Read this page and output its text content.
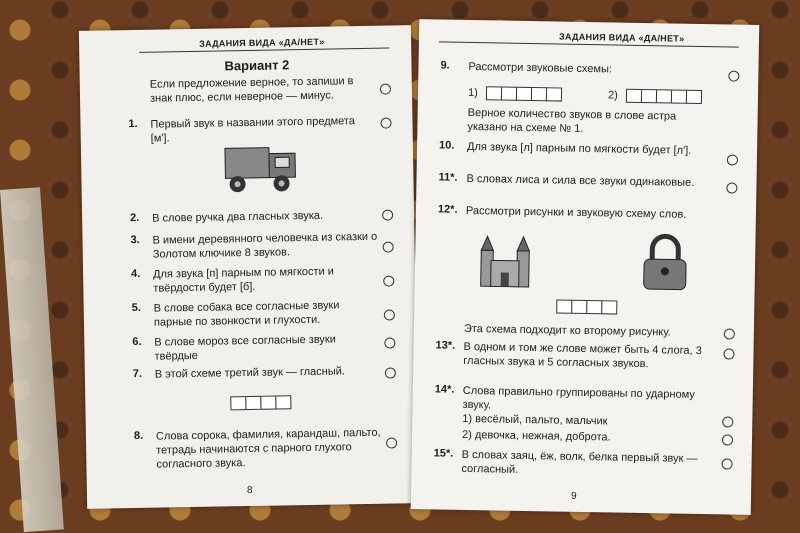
ЗАДАНИЯ ВИДА «ДА/НЕТ»
Вариант 2
Если предложение верное, то запиши в знак плюс, если неверное — минус.
1. Первый звук в названии этого предмета [м'].
2. В слове ручка два гласных звука.
3. В имени деревянного человечка из сказки о Золотом ключике 8 звуков.
4. Для звука [п] парным по мягкости и твёрдости будет [б].
5. В слове собака все согласные звуки парные по звонкости и глухости.
6. В слове мороз все согласные звуки твёрдые
7. В этой схеме третий звук — гласный.
8. Слова сорока, фамилия, карандаш, пальто, тетрадь начинаются с парного глухого согласного звука.
8
ЗАДАНИЯ ВИДА «ДА/НЕТ»
9. Рассмотри звуковые схемы:
1)	2)
Верное количество звуков в слове астра указано на схеме № 1.
10. Для звука [л] парным по мягкости будет [л'].
11*. В словах лиса и сила все звуки одинаковые.
12*. Рассмотри рисунки и звуковую схему слов.
Эта схема подходит ко второму рисунку.
13*. В одном и том же слове может быть 4 слога, 3 гласных звука и 5 согласных звуков.
14*. Слова правильно группированы по ударному звуку.
1) весёлый, пальто, мальчик
2) девочка, нежная, доброта.
15*. В словах заяц, ёж, волк, белка первый звук — согласный.
9
